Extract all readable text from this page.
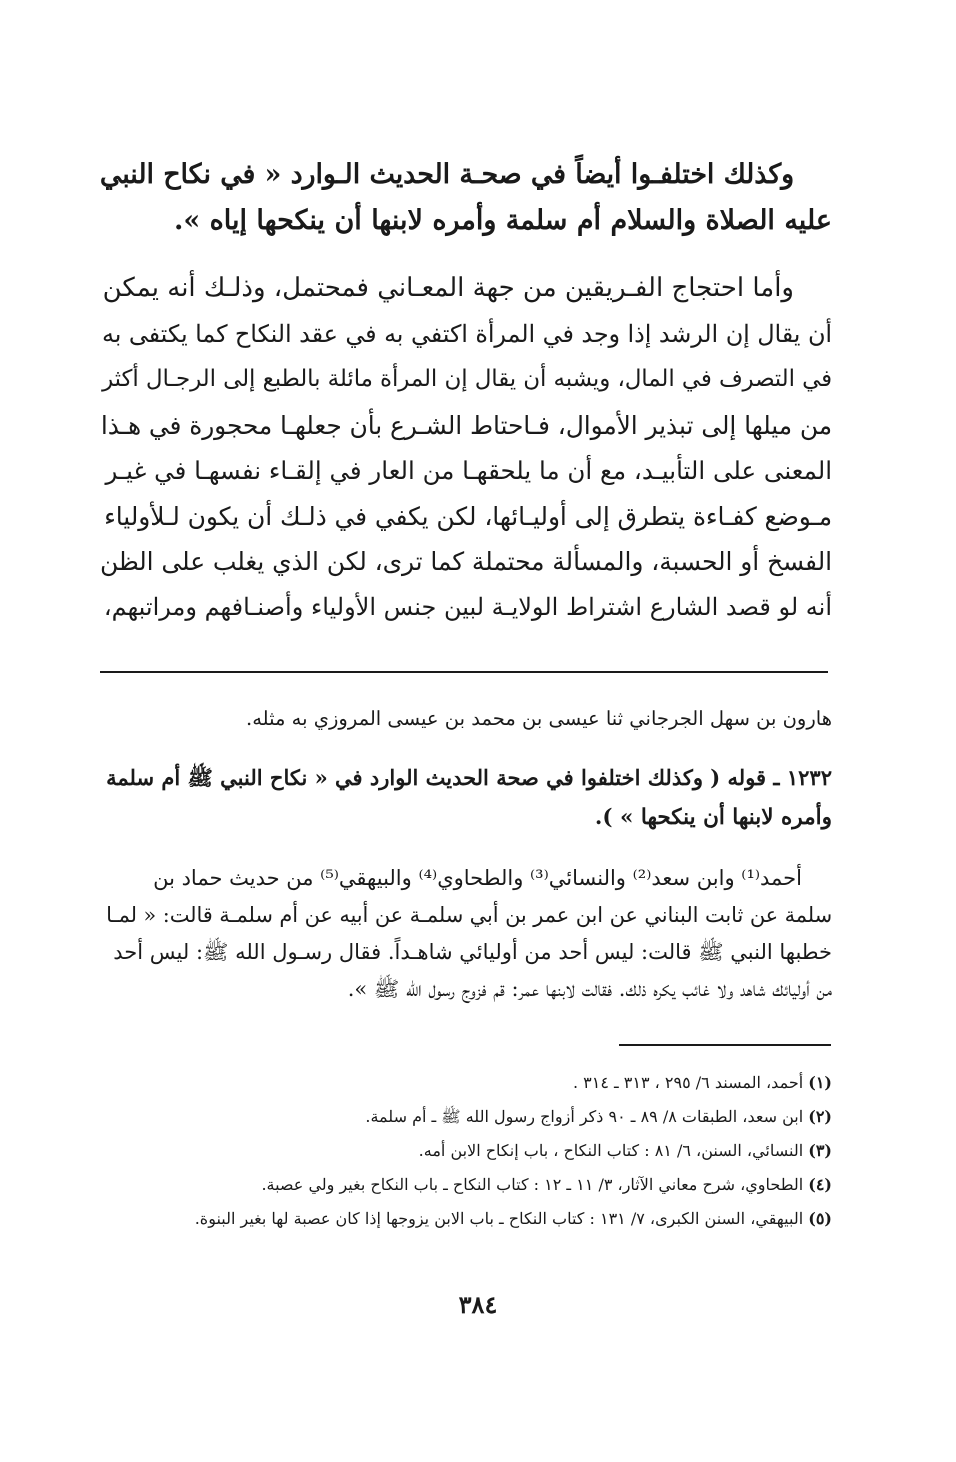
وكذلك اختلفـوا أيضاً في صحـة الحديث الـوارد « في نكاح النبي
عليه الصلاة والسلام أم سلمة وأمره لابنها أن ينكحها إياه ».
وأما احتجاج الفـريقين من جهة المعـاني فمحتمل، وذلـك أنه يمكن
أن يقال إن الرشد إذا وجد في المرأة اكتفي به في عقد النكاح كما يكتفى به
في التصرف في المال، ويشبه أن يقال إن المرأة مائلة بالطبع إلى الرجـال أكثر
من ميلها إلى تبذير الأموال، فـاحتاط الشـرع بأن جعلهـا محجورة في هـذا
المعنى على التأبيـد، مع أن ما يلحقهـا من العار في إلقـاء نفسهـا في غيـر
مـوضع كفـاءة يتطرق إلى أوليـائها، لكن يكفي في ذلـك أن يكون لـلأولياء
الفسخ أو الحسبة، والمسألة محتملة كما ترى، لكن الذي يغلب على الظن
أنه لو قصد الشارع اشتراط الولايـة لبين جنس الأولياء وأصنـافهم ومراتبهم،
هارون بن سهل الجرجاني ثنا عيسى بن محمد بن عيسى المروزي به مثله.
١٢٣٢ ـ قوله ( وكذلك اختلفوا في صحة الحديث الوارد في « نكاح النبي ﷺ أم سلمة
وأمره لابنها أن ينكحها » ).
أحمد⁽¹⁾ وابن سعد⁽²⁾ والنسائي⁽³⁾ والطحاوي⁽⁴⁾ والبيهقي⁽⁵⁾ من حديث حماد بن
سلمة عن ثابت البناني عن ابن عمر بن أبي سلمـة عن أبيه عن أم سلمـة قالت: « لمـا
خطبها النبي ﷺ قالت: ليس أحد من أوليائي شاهـداً. فقال رسـول الله ﷺ: ليس أحد
من أوليائك شاهد ولا غائب يكره ذلك. فقالت لابنها عمر: قم فزوج رسول الله ﷺ ».
(١) أحمد، المسند ٦/ ٢٩٥ ، ٣١٣ ـ ٣١٤ .
(٢) ابن سعد، الطبقات ٨/ ٨٩ ـ ٩٠ ذكر أزواج رسول الله ﷺ ـ أم سلمة.
(٣) النسائي، السنن، ٦/ ٨١ : كتاب النكاح ، باب إنكاح الابن أمه.
(٤) الطحاوي، شرح معاني الآثار، ٣/ ١١ ـ ١٢ : كتاب النكاح ـ باب النكاح بغير ولي عصبة.
(٥) البيهقي، السنن الكبرى، ٧/ ١٣١ : كتاب النكاح ـ باب الابن يزوجها إذا كان عصبة لها بغير البنوة.
٣٨٤
